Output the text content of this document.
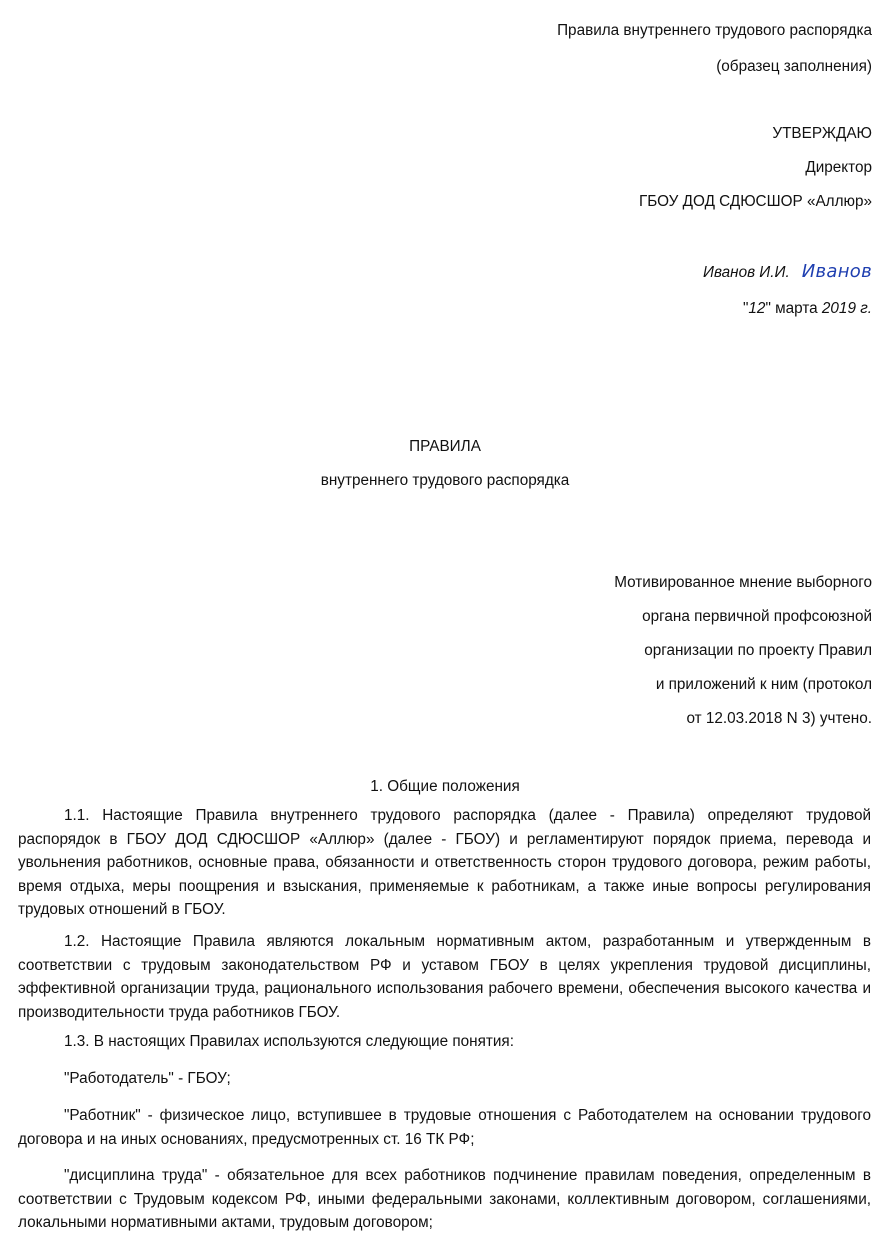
Правила внутреннего трудового распорядка
(образец заполнения)
УТВЕРЖДАЮ
Директор
ГБОУ ДОД СДЮСШОР «Аллюр»
Иванов И.И. Иванов
"12" марта 2019 г.
ПРАВИЛА
внутреннего трудового распорядка
Мотивированное мнение выборного
органа первичной профсоюзной
организации по проекту Правил
и приложений к ним (протокол
от 12.03.2018 N 3) учтено.
1. Общие положения

1.1. Настоящие Правила внутреннего трудового распорядка (далее - Правила) определяют трудовой распорядок в ГБОУ ДОД СДЮСШОР «Аллюр» (далее - ГБОУ) и регламентируют порядок приема, перевода и увольнения работников, основные права, обязанности и ответственность сторон трудового договора, режим работы, время отдыха, меры поощрения и взыскания, применяемые к работникам, а также иные вопросы регулирования трудовых отношений в ГБОУ.

1.2. Настоящие Правила являются локальным нормативным актом, разработанным и утвержденным в соответствии с трудовым законодательством РФ и уставом ГБОУ в целях укрепления трудовой дисциплины, эффективной организации труда, рационального использования рабочего времени, обеспечения высокого качества и производительности труда работников ГБОУ.

1.3. В настоящих Правилах используются следующие понятия:

"Работодатель" - ГБОУ;

"Работник" - физическое лицо, вступившее в трудовые отношения с Работодателем на основании трудового договора и на иных основаниях, предусмотренных ст. 16 ТК РФ;

"дисциплина труда" - обязательное для всех работников подчинение правилам поведения, определенным в соответствии с Трудовым кодексом РФ, иными федеральными законами, коллективным договором, соглашениями, локальными нормативными актами, трудовым договором;
